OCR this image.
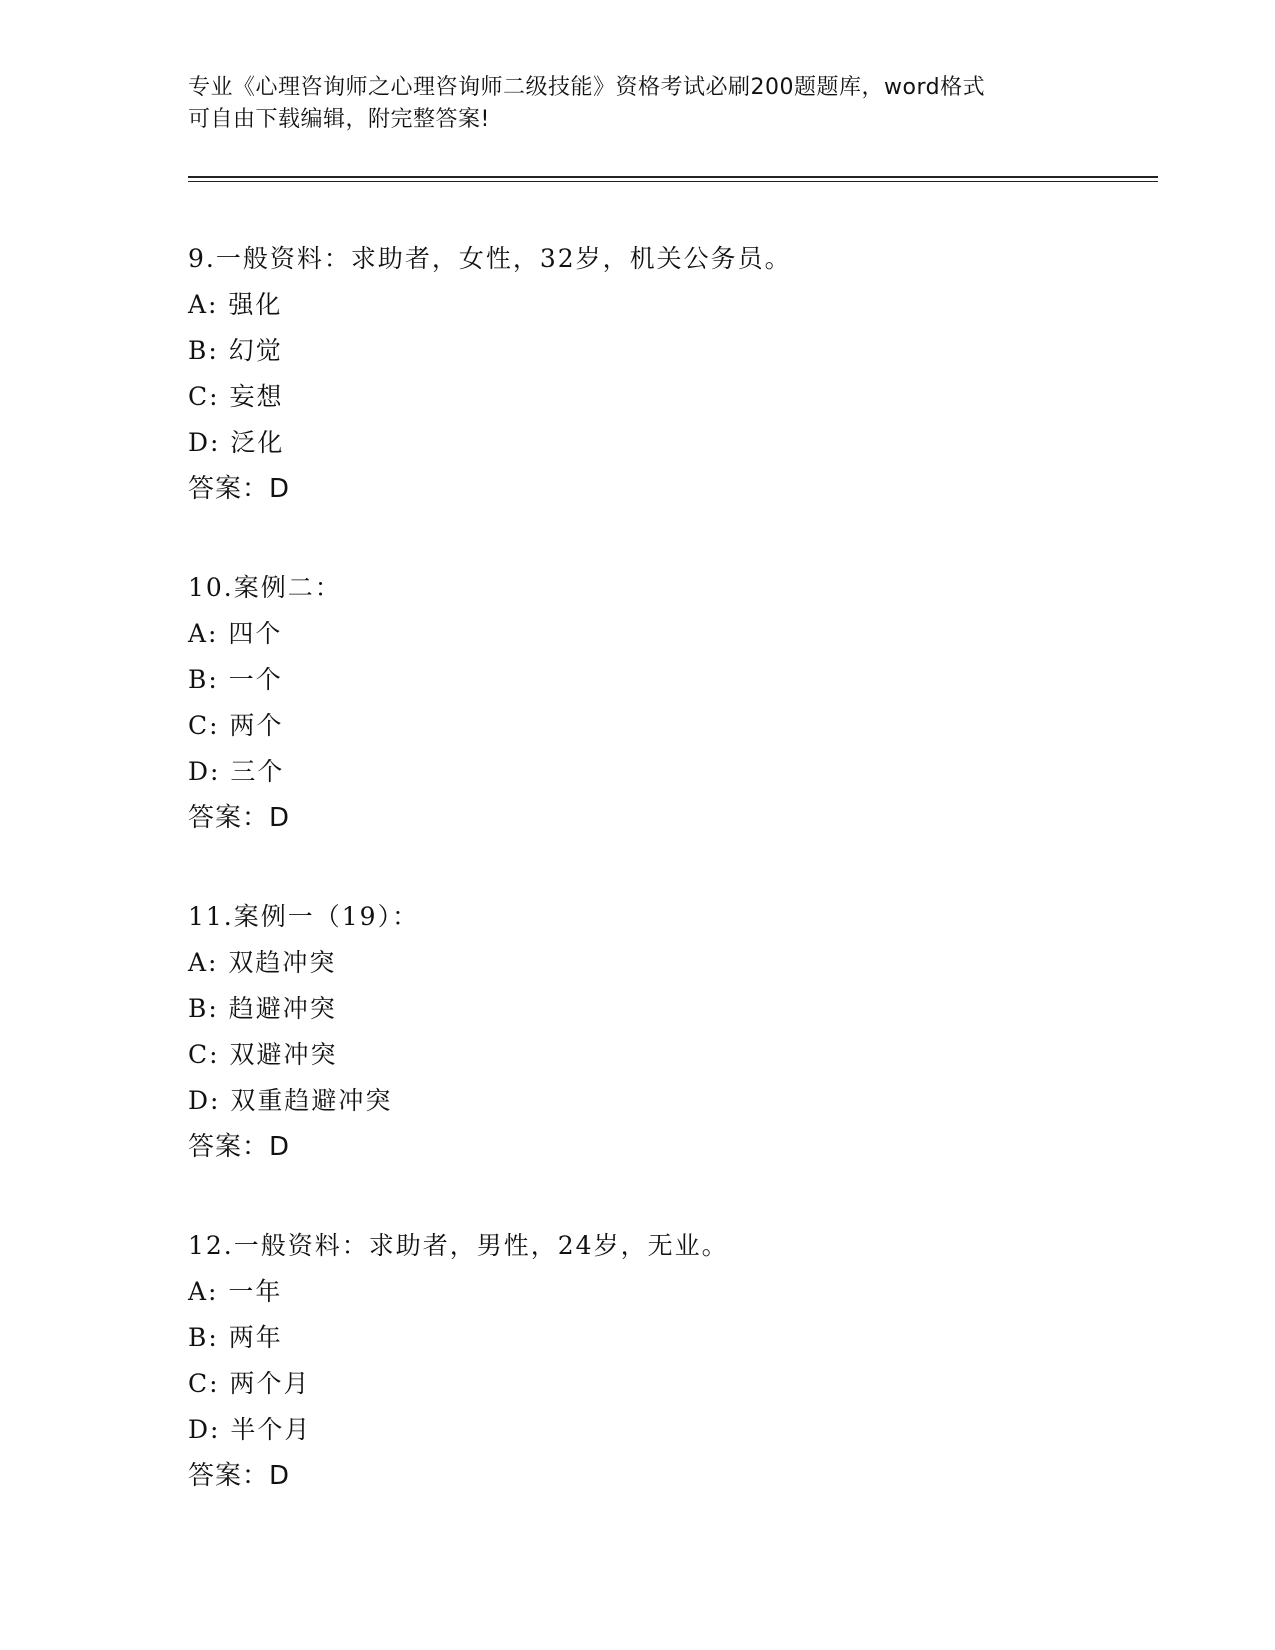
专业《心理咨询师之心理咨询师二级技能》资格考试必刷200题题库，word格式
可自由下载编辑，附完整答案!
9.一般资料：求助者，女性，32岁，机关公务员。
A: 强化
B: 幻觉
C: 妄想
D: 泛化
答案：D
10.案例二：
A: 四个
B: 一个
C: 两个
D: 三个
答案：D
11.案例一（19）：
A: 双趋冲突
B: 趋避冲突
C: 双避冲突
D: 双重趋避冲突
答案：D
12.一般资料：求助者，男性，24岁，无业。
A: 一年
B: 两年
C: 两个月
D: 半个月
答案：D
